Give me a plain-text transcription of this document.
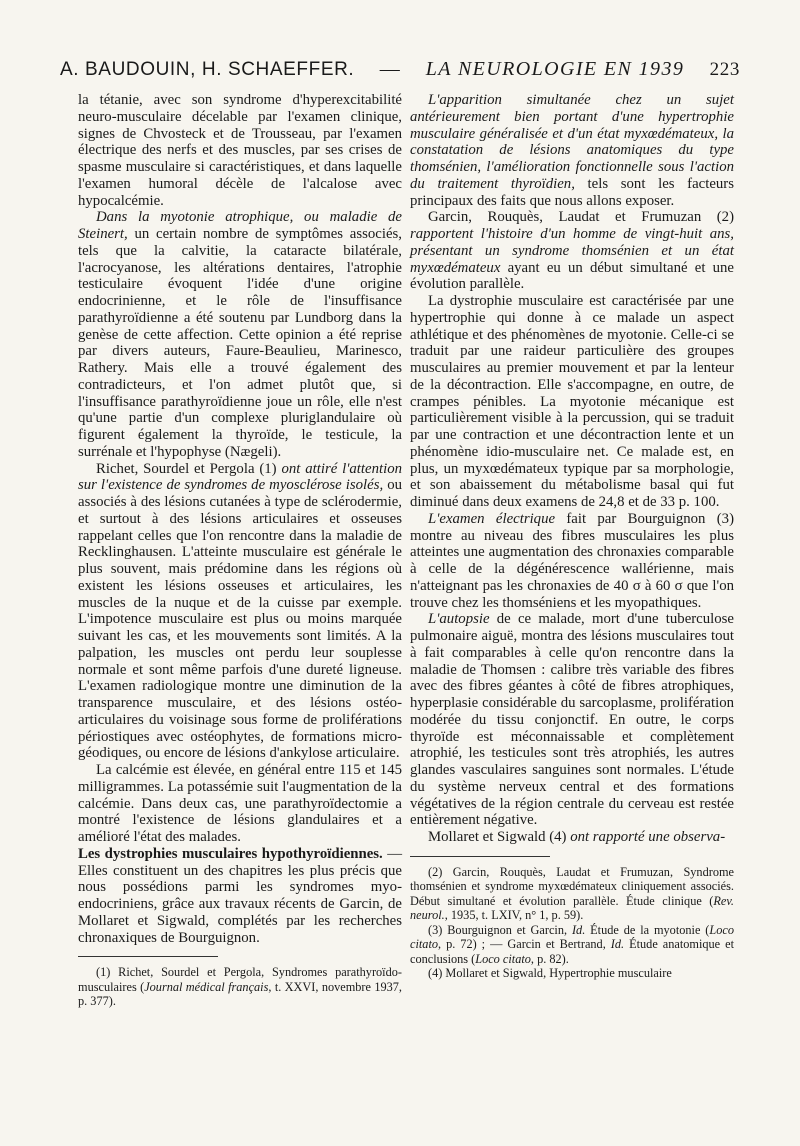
A. BAUDOUIN, H. SCHAEFFER. — LA NEUROLOGIE EN 1939 223

la tétanie, avec son syndrome d'hyperexcitabilité neuro-musculaire décelable par l'examen clinique, signes de Chvosteck et de Trousseau, par l'examen électrique des nerfs et des muscles, par ses crises de spasme musculaire si caractéristiques, et dans laquelle l'examen humoral décèle de l'alcalose avec hypocalcémie.

Dans la myotonie atrophique, ou maladie de Steinert, un certain nombre de symptômes associés, tels que la calvitie, la cataracte bilatérale, l'acrocyanose, les altérations dentaires, l'atrophie testiculaire évoquent l'idée d'une origine endocrinienne, et le rôle de l'insuffisance parathyroïdienne a été soutenu par Lundborg dans la genèse de cette affection. Cette opinion a été reprise par divers auteurs, Faure-Beaulieu, Marinesco, Rathery. Mais elle a trouvé également des contradicteurs, et l'on admet plutôt que, si l'insuffisance parathyroïdienne joue un rôle, elle n'est qu'une partie d'un complexe pluriglandulaire où figurent également la thyroïde, le testicule, la surrénale et l'hypophyse (Nægeli).

Richet, Sourdel et Pergola (1) ont attiré l'attention sur l'existence de syndromes de myosclérose isolés, ou associés à des lésions cutanées à type de sclérodermie, et surtout à des lésions articulaires et osseuses rappelant celles que l'on rencontre dans la maladie de Recklinghausen. L'atteinte musculaire est générale le plus souvent, mais prédomine dans les régions où existent les lésions osseuses et articulaires, les muscles de la nuque et de la cuisse par exemple. L'impotence musculaire est plus ou moins marquée suivant les cas, et les mouvements sont limités. A la palpation, les muscles ont perdu leur souplesse normale et sont même parfois d'une dureté ligneuse. L'examen radiologique montre une diminution de la transparence musculaire, et des lésions ostéo-articulaires du voisinage sous forme de proliférations périostiques avec ostéophytes, de formations micro-géodiques, ou encore de lésions d'ankylose articulaire.

La calcémie est élevée, en général entre 115 et 145 milligrammes. La potassémie suit l'augmentation de la calcémie. Dans deux cas, une parathyroïdectomie a montré l'existence de lésions glandulaires et a amélioré l'état des malades.

Les dystrophies musculaires hypothyroïdiennes. — Elles constituent un des chapitres les plus précis que nous possédions parmi les syndromes myo-endocriniens, grâce aux travaux récents de Garcin, de Mollaret et Sigwald, complétés par les recherches chronaxiques de Bourguignon.

(1) Richet, Sourdel et Pergola, Syndromes parathyroïdo-musculaires (Journal médical français, t. XXVI, novembre 1937, p. 377).

L'apparition simultanée chez un sujet antérieurement bien portant d'une hypertrophie musculaire généralisée et d'un état myxœdémateux, la constatation de lésions anatomiques du type thomsénien, l'amélioration fonctionnelle sous l'action du traitement thyroïdien, tels sont les facteurs principaux des faits que nous allons exposer.

Garcin, Rouquès, Laudat et Frumuzan (2) rapportent l'histoire d'un homme de vingt-huit ans, présentant un syndrome thomsénien et un état myxœdémateux ayant eu un début simultané et une évolution parallèle.

La dystrophie musculaire est caractérisée par une hypertrophie qui donne à ce malade un aspect athlétique et des phénomènes de myotonie. Celle-ci se traduit par une raideur particulière des groupes musculaires au premier mouvement et par la lenteur de la décontraction. Elle s'accompagne, en outre, de crampes pénibles. La myotonie mécanique est particulièrement visible à la percussion, qui se traduit par une contraction et une décontraction lente et un phénomène idio-musculaire net. Ce malade est, en plus, un myxœdémateux typique par sa morphologie, et son abaissement du métabolisme basal qui fut diminué dans deux examens de 24,8 et de 33 p. 100.

L'examen électrique fait par Bourguignon (3) montre au niveau des fibres musculaires les plus atteintes une augmentation des chronaxies comparable à celle de la dégénérescence wallérienne, mais n'atteignant pas les chronaxies de 40 σ à 60 σ que l'on trouve chez les thomséniens et les myopathiques.

L'autopsie de ce malade, mort d'une tuberculose pulmonaire aiguë, montra des lésions musculaires tout à fait comparables à celle qu'on rencontre dans la maladie de Thomsen : calibre très variable des fibres avec des fibres géantes à côté de fibres atrophiques, hyperplasie considérable du sarcoplasme, prolifération modérée du tissu conjonctif. En outre, le corps thyroïde est méconnaissable et complètement atrophié, les testicules sont très atrophiés, les autres glandes vasculaires sanguines sont normales. L'étude du système nerveux central et des formations végétatives de la région centrale du cerveau est restée entièrement négative.

Mollaret et Sigwald (4) ont rapporté une observa-

(2) Garcin, Rouquès, Laudat et Frumuzan, Syndrome thomsénien et syndrome myxœdémateux cliniquement associés. Début simultané et évolution parallèle. Étude clinique (Rev. neurol., 1935, t. LXIV, n° 1, p. 59).

(3) Bourguignon et Garcin, Id. Étude de la myotonie (Loco citato, p. 72) ; — Garcin et Bertrand, Id. Étude anatomique et conclusions (Loco citato, p. 82).

(4) Mollaret et Sigwald, Hypertrophie musculaire
